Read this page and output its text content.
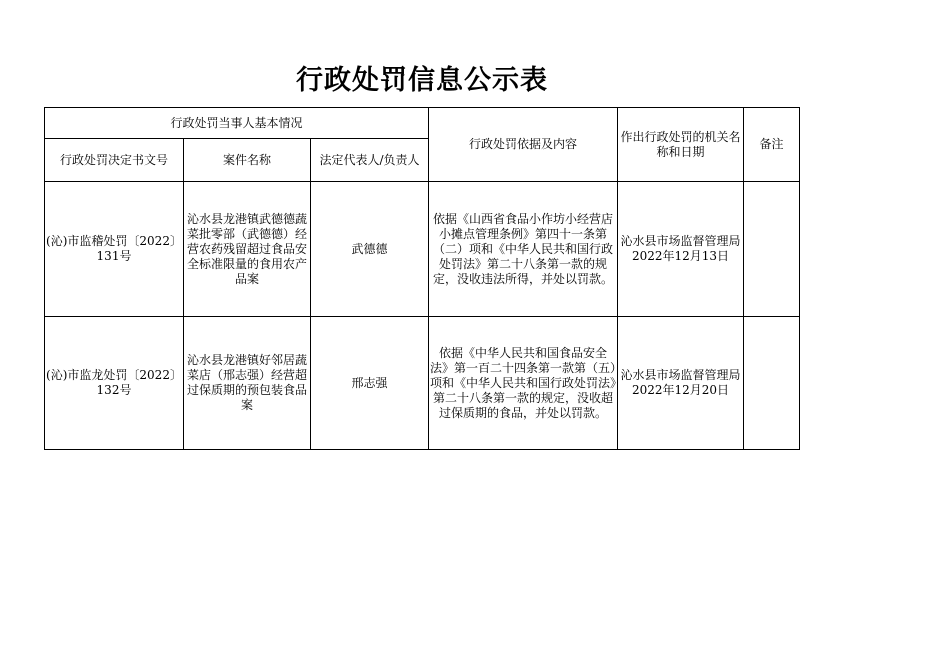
行政处罚信息公示表
行政处罚当事人基本情况			行政处罚依据及内容	作出行政处罚的机关名称和日期	备注
行政处罚决定书文号	案件名称	法定代表人/负责人			
(沁)市监稽处罚〔2022〕131号	沁水县龙港镇武德德蔬菜批零部（武德德）经营农药残留超过食品安全标准限量的食用农产品案	武德德	依据《山西省食品小作坊小经营店小摊点管理条例》第四十一条第（二）项和《中华人民共和国行政处罚法》第二十八条第一款的规定，没收违法所得，并处以罚款。	沁水县市场监督管理局2022年12月13日	
(沁)市监龙处罚〔2022〕132号	沁水县龙港镇好邻居蔬菜店（邢志强）经营超过保质期的预包装食品案	邢志强	依据《中华人民共和国食品安全法》第一百二十四条第一款第（五）项和《中华人民共和国行政处罚法》第二十八条第一款的规定，没收超过保质期的食品，并处以罚款。	沁水县市场监督管理局2022年12月20日	
